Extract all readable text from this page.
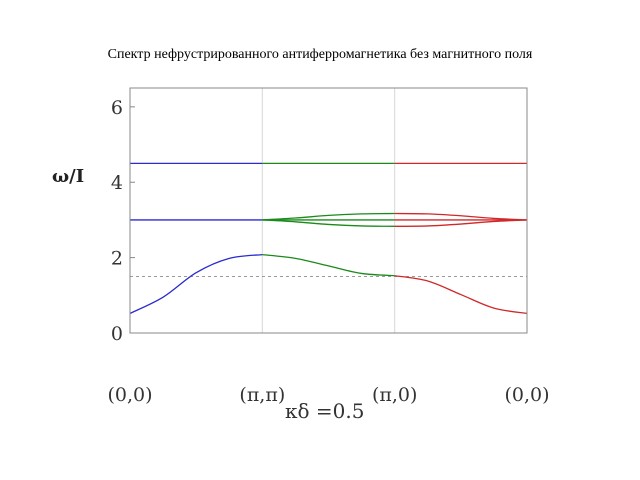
Спектр нефрустрированного антиферромагнетика без магнитного поля
0
2
4
6
(0,0)	(π,π)	(π,0)	(0,0)
ω/I
κδ =0.5
